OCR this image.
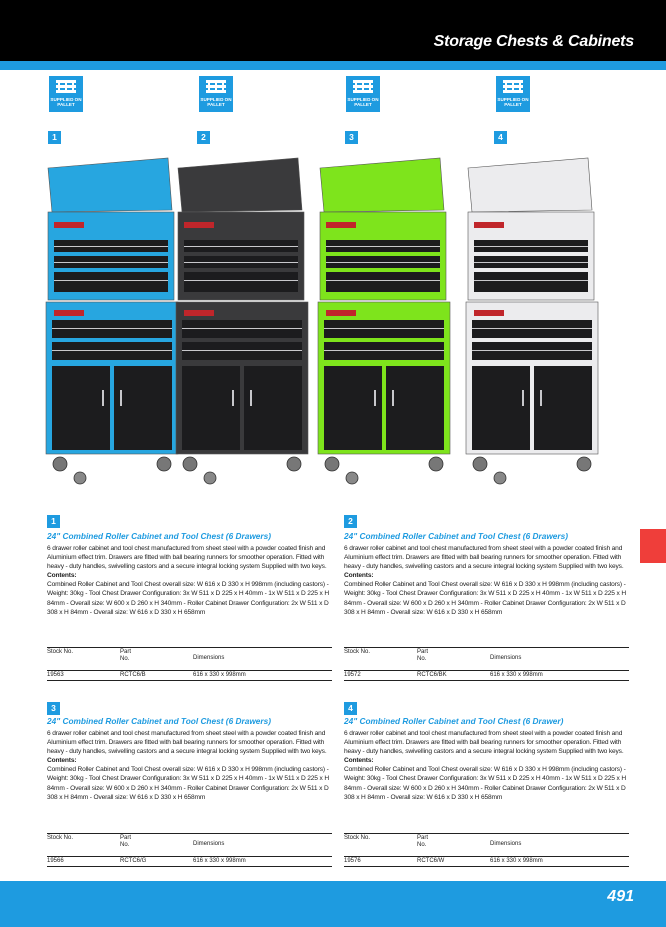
Storage Chests & Cabinets
SUPPLIED ON PALLET
SUPPLIED ON PALLET
SUPPLIED ON PALLET
SUPPLIED ON PALLET
1	2	3	4
1
24" Combined Roller Cabinet and Tool Chest (6 Drawers)

6 drawer roller cabinet and tool chest manufactured from sheet steel with a powder coated finish and Aluminium effect trim. Drawers are fitted with ball bearing runners for smoother operation. Fitted with heavy - duty handles, swivelling castors and a secure integral locking system Supplied with two keys.

Contents:

Combined Roller Cabinet and Tool Chest overall size: W 616 x D 330 x H 998mm (including castors) - Weight: 30kg - Tool Chest Drawer Configuration: 3x W 511 x D 225 x H 40mm - 1x W 511 x D 225 x H 84mm - Overall size: W 600 x D 260 x H 340mm - Roller Cabinet Drawer Configuration: 2x W 511 x D 308 x H 84mm - Overall size: W 616 x D 330 x H 658mm

Stock No.	Part No.	Dimensions
19563	RCTC6/B	616 x 330 x 998mm
2
24" Combined Roller Cabinet and Tool Chest (6 Drawers)

6 drawer roller cabinet and tool chest manufactured from sheet steel with a powder coated finish and Aluminium effect trim. Drawers are fitted with ball bearing runners for smoother operation. Fitted with heavy - duty handles, swivelling castors and a secure integral locking system Supplied with two keys.

Contents:

Combined Roller Cabinet and Tool Chest overall size: W 616 x D 330 x H 998mm (including castors) - Weight: 30kg - Tool Chest Drawer Configuration: 3x W 511 x D 225 x H 40mm - 1x W 511 x D 225 x H 84mm - Overall size: W 600 x D 260 x H 340mm - Roller Cabinet Drawer Configuration: 2x W 511 x D 308 x H 84mm - Overall size: W 616 x D 330 x H 658mm

Stock No.	Part No.	Dimensions
19572	RCTC6/BK	616 x 330 x 998mm
3
24" Combined Roller Cabinet and Tool Chest (6 Drawers)

6 drawer roller cabinet and tool chest manufactured from sheet steel with a powder coated finish and Aluminium effect trim. Drawers are fitted with ball bearing runners for smoother operation. Fitted with heavy - duty handles, swivelling castors and a secure integral locking system Supplied with two keys.

Contents:

Combined Roller Cabinet and Tool Chest overall size: W 616 x D 330 x H 998mm (including castors) - Weight: 30kg - Tool Chest Drawer Configuration: 3x W 511 x D 225 x H 40mm - 1x W 511 x D 225 x H 84mm - Overall size: W 600 x D 260 x H 340mm - Roller Cabinet Drawer Configuration: 2x W 511 x D 308 x H 84mm - Overall size: W 616 x D 330 x H 658mm

Stock No.	Part No.	Dimensions
19566	RCTC6/G	616 x 330 x 998mm
4
24" Combined Roller Cabinet and Tool Chest (6 Drawer)

6 drawer roller cabinet and tool chest manufactured from sheet steel with a powder coated finish and Aluminium effect trim. Drawers are fitted with ball bearing runners for smoother operation. Fitted with heavy - duty handles, swivelling castors and a secure integral locking system Supplied with two keys.

Contents:

Combined Roller Cabinet and Tool Chest overall size: W 616 x D 330 x H 998mm (including castors) - Weight: 30kg - Tool Chest Drawer Configuration: 3x W 511 x D 225 x H 40mm - 1x W 511 x D 225 x H 84mm - Overall size: W 600 x D 260 x H 340mm - Roller Cabinet Drawer Configuration: 2x W 511 x D 308 x H 84mm - Overall size: W 616 x D 330 x H 658mm

Stock No.	Part No.	Dimensions
19576	RCTC6/W	616 x 330 x 998mm
491
